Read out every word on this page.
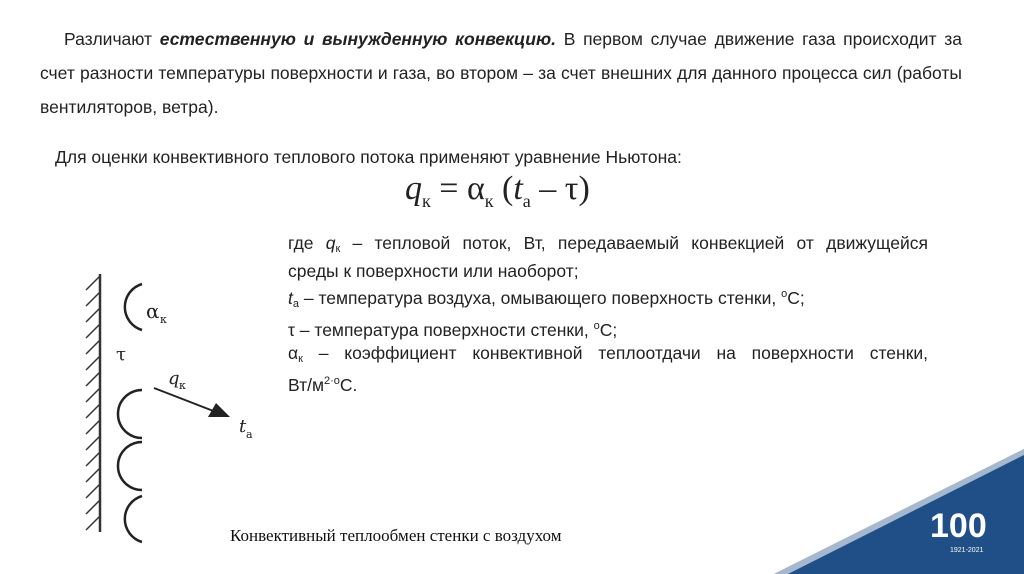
Различают естественную и вынужденную конвекцию. В первом случае движение газа происходит за счет разности температуры поверхности и газа, во втором – за счет внешних для данного процесса сил (работы вентиляторов, ветра).
Для оценки конвективного теплового потока применяют уравнение Ньютона:
$q_к = \alpha_к$ $(t_а - \tau)$
где $q_к$ – тепловой поток, Вт, передаваемый конвекцией от движущейся
среды к поверхности или наоборот;
$t_а$ – температура воздуха, омывающего поверхность стенки, $^о$С;
τ – температура поверхности стенки, $^о$С;
$\alpha_к$ – коэффициент конвективной теплоотдачи на поверхности стенки,
$Вт/м^{2\cdot о}С$.
α к
τ
q к
t а
Конвективный теплообмен стенки с воздухом	100
1921-2021
